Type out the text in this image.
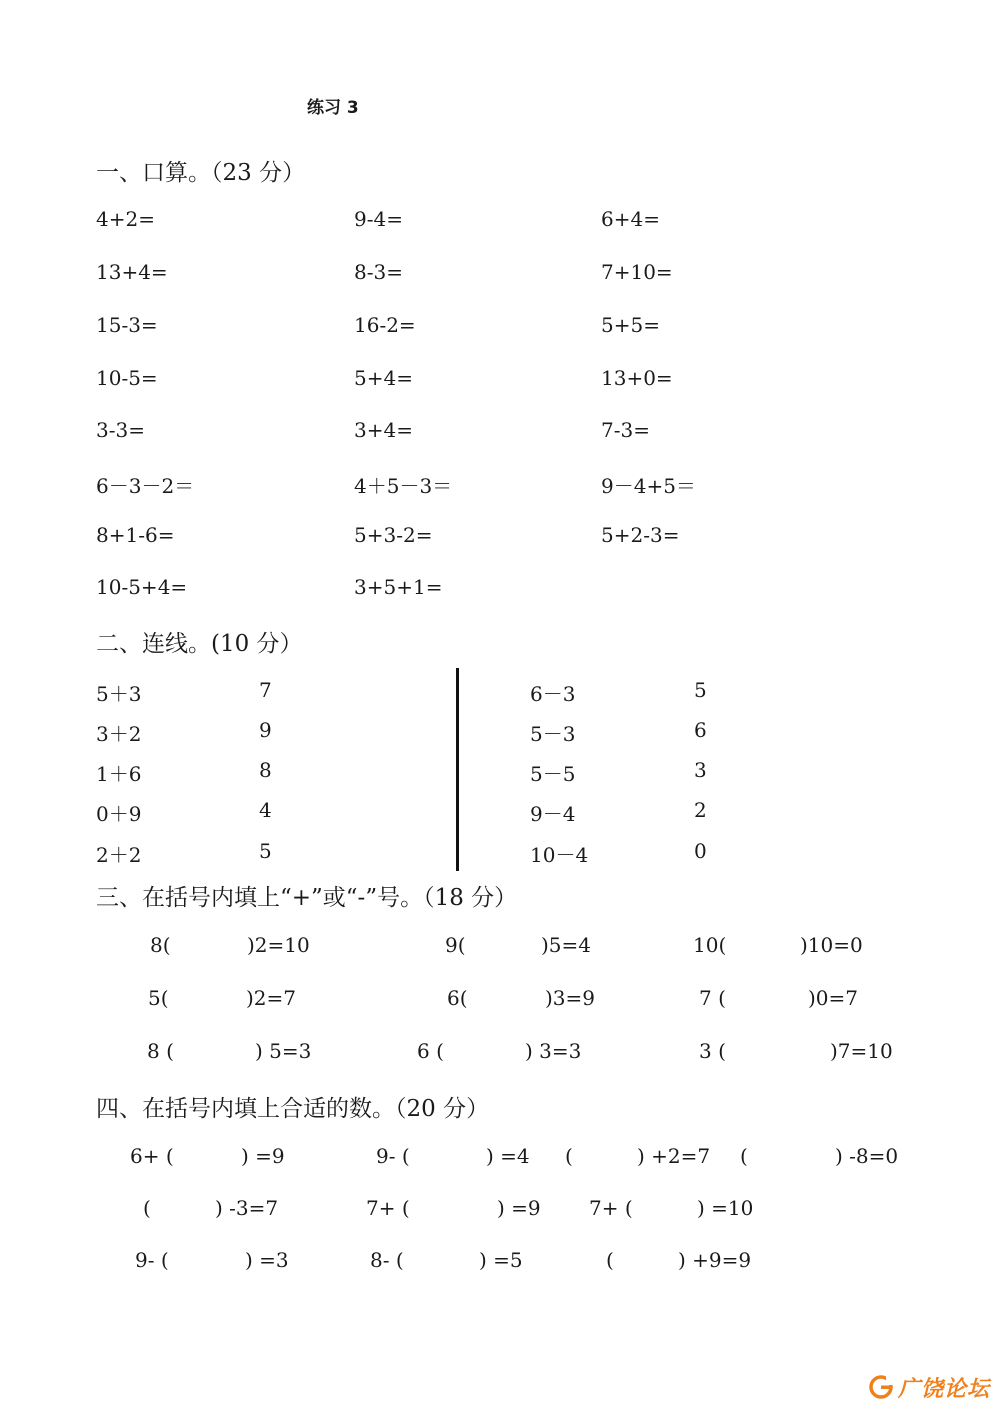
练习 3
一、口算。（23 分）
4+2=	9-4=	6+4=
13+4=	8-3=	7+10=
15-3=	16-2=	5+5=
10-5=	5+4=	13+0=
3-3=	3+4=	7-3=
6－3－2＝	4＋5－3＝	9－4+5＝
8+1-6=	5+3-2=	5+2-3=
10-5+4=	3+5+1=
二、连线。(10 分）
5＋3	7
3＋2	9
1＋6	8
0＋9	4
2＋2	5
6－3	5
5－3	6
5－5	3
9－4	2
10－4	0
三、在括号内填上“+”或“-”号。（18 分）
8(	)2=10	9(	)5=4	10(	)10=0
5(	)2=7	6(	)3=9	7 (	)0=7
8 (	) 5=3	6 (	) 3=3	3 (	)7=10
四、在括号内填上合适的数。（20 分）
6+ (	) =9	9- (	) =4 (	) +2=7 (	) -8=0
(	) -3=7	7+ (	) =9 7+ (	) =10
9- (	) =3	8- (	) =5	(	) +9=9
广饶论坛
